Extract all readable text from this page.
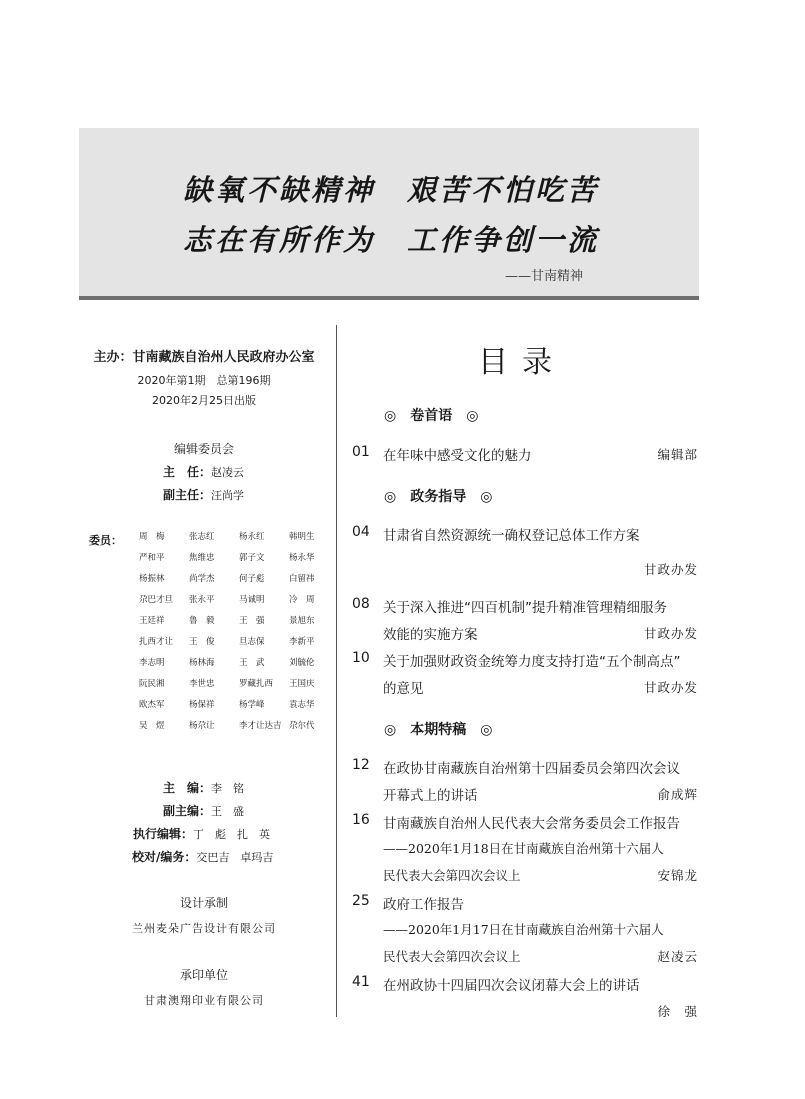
缺氧不缺精神　艰苦不怕吃苦
志在有所作为　工作争创一流
——甘南精神
主办：甘南藏族自治州人民政府办公室
2020年第1期　总第196期
2020年2月25日出版
编辑委员会
主　任：赵凌云
副主任：汪尚学
委员： 周　梅	张志红	杨永红	韩明生
严和平	焦维忠	郭子文	杨永华
杨振林	尚学杰	何子彪	白留祎
尕巴才旦	张永平	马诚明	冷　周
王廷祥	鲁　毅	王　强	景旭东
扎西才让	王　俊	旦志保	李新平
李志明	杨林海	王　武	刘毓伦
阮民湘	李世忠	罗藏扎西	王国庆
欧杰军	杨保祥	杨学峰	袁志华
吴　煜	杨尕让	李才让达吉 尕尔代
主　编：李　铭
副主编：王　盛
执行编辑：丁　彪　扎　英
校对/编务：交巴吉　卓玛吉
设计承制
兰州麦朵广告设计有限公司
承印单位
甘肃澳翔印业有限公司
目录
◎　 卷首语　 ◎
◎　 政务指导　 ◎
◎　 本期特稿　 ◎
01 在年味中感受文化的魅力	编辑部
04 甘肃省自然资源统一确权登记总体工作方案
甘政办发
08 关于深入推进“四百机制”提升精准管理精细服务
效能的实施方案	甘政办发
10 关于加强财政资金统筹力度支持打造“五个制高点”
的意见	甘政办发
12 在政协甘南藏族自治州第十四届委员会第四次会议
开幕式上的讲话	俞成辉
16 甘南藏族自治州人民代表大会常务委员会工作报告
——2020年1月18日在甘南藏族自治州第十六届人
民代表大会第四次会议上	安锦龙
25 政府工作报告
——2020年1月17日在甘南藏族自治州第十六届人
民代表大会第四次会议上	赵凌云
41 在州政协十四届四次会议闭幕大会上的讲话
徐　强
